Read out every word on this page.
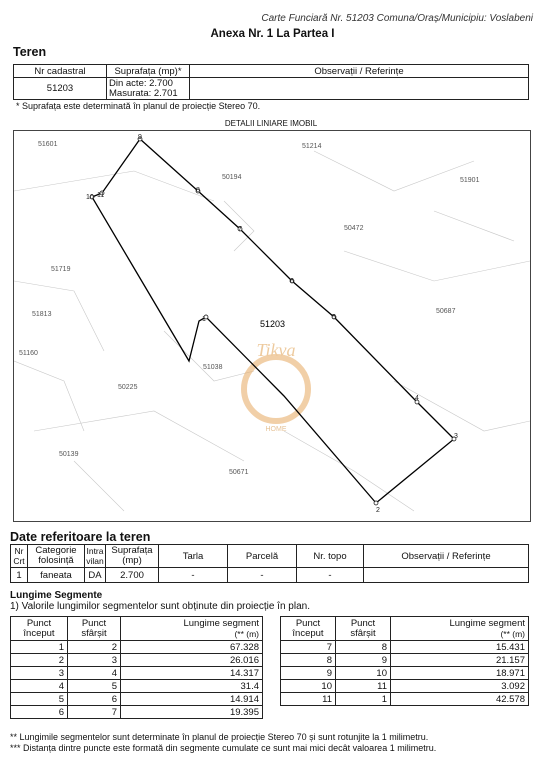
Carte Funciară Nr. 51203 Comuna/Oraș/Municipiu: Voslabeni
Anexa Nr. 1 La Partea I
Teren
Nr cadastral	Suprafața (mp)*	Observații / Referințe
51203	Din acte: 2.700
Masurata: 2.701	

* Suprafața este determinată în planul de proiecție Stereo 70.
DETALII LINIARE IMOBIL
Tikva
HOME
51601	51214
50194	51901
50472
51719
51813	50687
51160
51038
50225
50139
50671
51203
1
2
3
4
5
6
7
8
9
10 11
Date referitoare la teren
Nr Crt	Categorie folosință	Intra vilan	Suprafața (mp)	Tarla	Parcelă	Nr. topo	Observații / Referințe
1	faneata	DA	2.700	-	-	-	
Lungime Segmente
1) Valorile lungimilor segmentelor sunt obținute din proiecție în plan.
Punct început	Punct sfârșit	Lungime segment
(** (m)

1	2	67.328
2	3	26.016
3	4	14.317
4	5	31.4
5	6	14.914
6	7	19.395
Punct început	Punct sfârșit	Lungime segment
(** (m)

7	8	15.431
8	9	21.157
9	10	18.971
10	11	3.092
11	1	42.578
** Lungimile segmentelor sunt determinate în planul de proiecție Stereo 70 și sunt rotunjite la 1 milimetru.
*** Distanța dintre puncte este formată din segmente cumulate ce sunt mai mici decât valoarea 1 milimetru.
